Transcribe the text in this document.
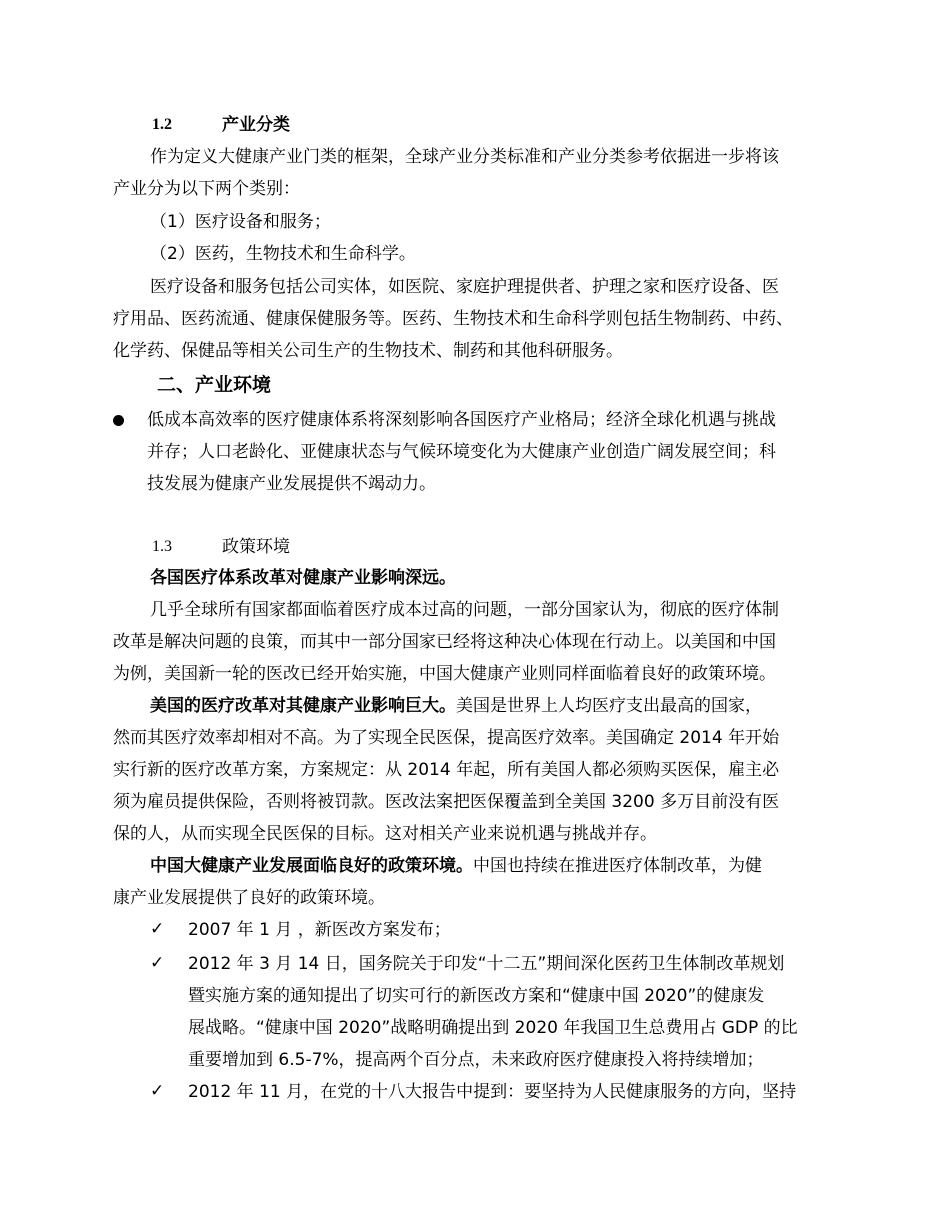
1.2	产业分类
作为定义大健康产业门类的框架，全球产业分类标准和产业分类参考依据进一步将该
产业分为以下两个类别：
（1）医疗设备和服务；
（2）医药，生物技术和生命科学。
医疗设备和服务包括公司实体，如医院、家庭护理提供者、护理之家和医疗设备、医
疗用品、医药流通、健康保健服务等。医药、生物技术和生命科学则包括生物制药、中药、
化学药、保健品等相关公司生产的生物技术、制药和其他科研服务。
二、产业环境
低成本高效率的医疗健康体系将深刻影响各国医疗产业格局；经济全球化机遇与挑战
并存；人口老龄化、亚健康状态与气候环境变化为大健康产业创造广阔发展空间；科
技发展为健康产业发展提供不竭动力。
1.3	政策环境
各国医疗体系改革对健康产业影响深远。
几乎全球所有国家都面临着医疗成本过高的问题，一部分国家认为，彻底的医疗体制
改革是解决问题的良策，而其中一部分国家已经将这种决心体现在行动上。以美国和中国
为例，美国新一轮的医改已经开始实施，中国大健康产业则同样面临着良好的政策环境。
美国的医疗改革对其健康产业影响巨大。美国是世界上人均医疗支出最高的国家，
然而其医疗效率却相对不高。为了实现全民医保，提高医疗效率。美国确定 2014 年开始
实行新的医疗改革方案，方案规定：从 2014 年起，所有美国人都必须购买医保，雇主必
须为雇员提供保险，否则将被罚款。医改法案把医保覆盖到全美国 3200 多万目前没有医
保的人，从而实现全民医保的目标。这对相关产业来说机遇与挑战并存。
中国大健康产业发展面临良好的政策环境。中国也持续在推进医疗体制改革，为健
康产业发展提供了良好的政策环境。
✓ 2007 年 1 月 ，新医改方案发布；
✓ 2012 年 3 月 14 日，国务院关于印发“十二五”期间深化医药卫生体制改革规划
暨实施方案的通知提出了切实可行的新医改方案和“健康中国 2020”的健康发
展战略。“健康中国 2020”战略明确提出到 2020 年我国卫生总费用占 GDP 的比
重要增加到 6.5-7%，提高两个百分点，未来政府医疗健康投入将持续增加；
✓ 2012 年 11 月，在党的十八大报告中提到：要坚持为人民健康服务的方向，坚持
